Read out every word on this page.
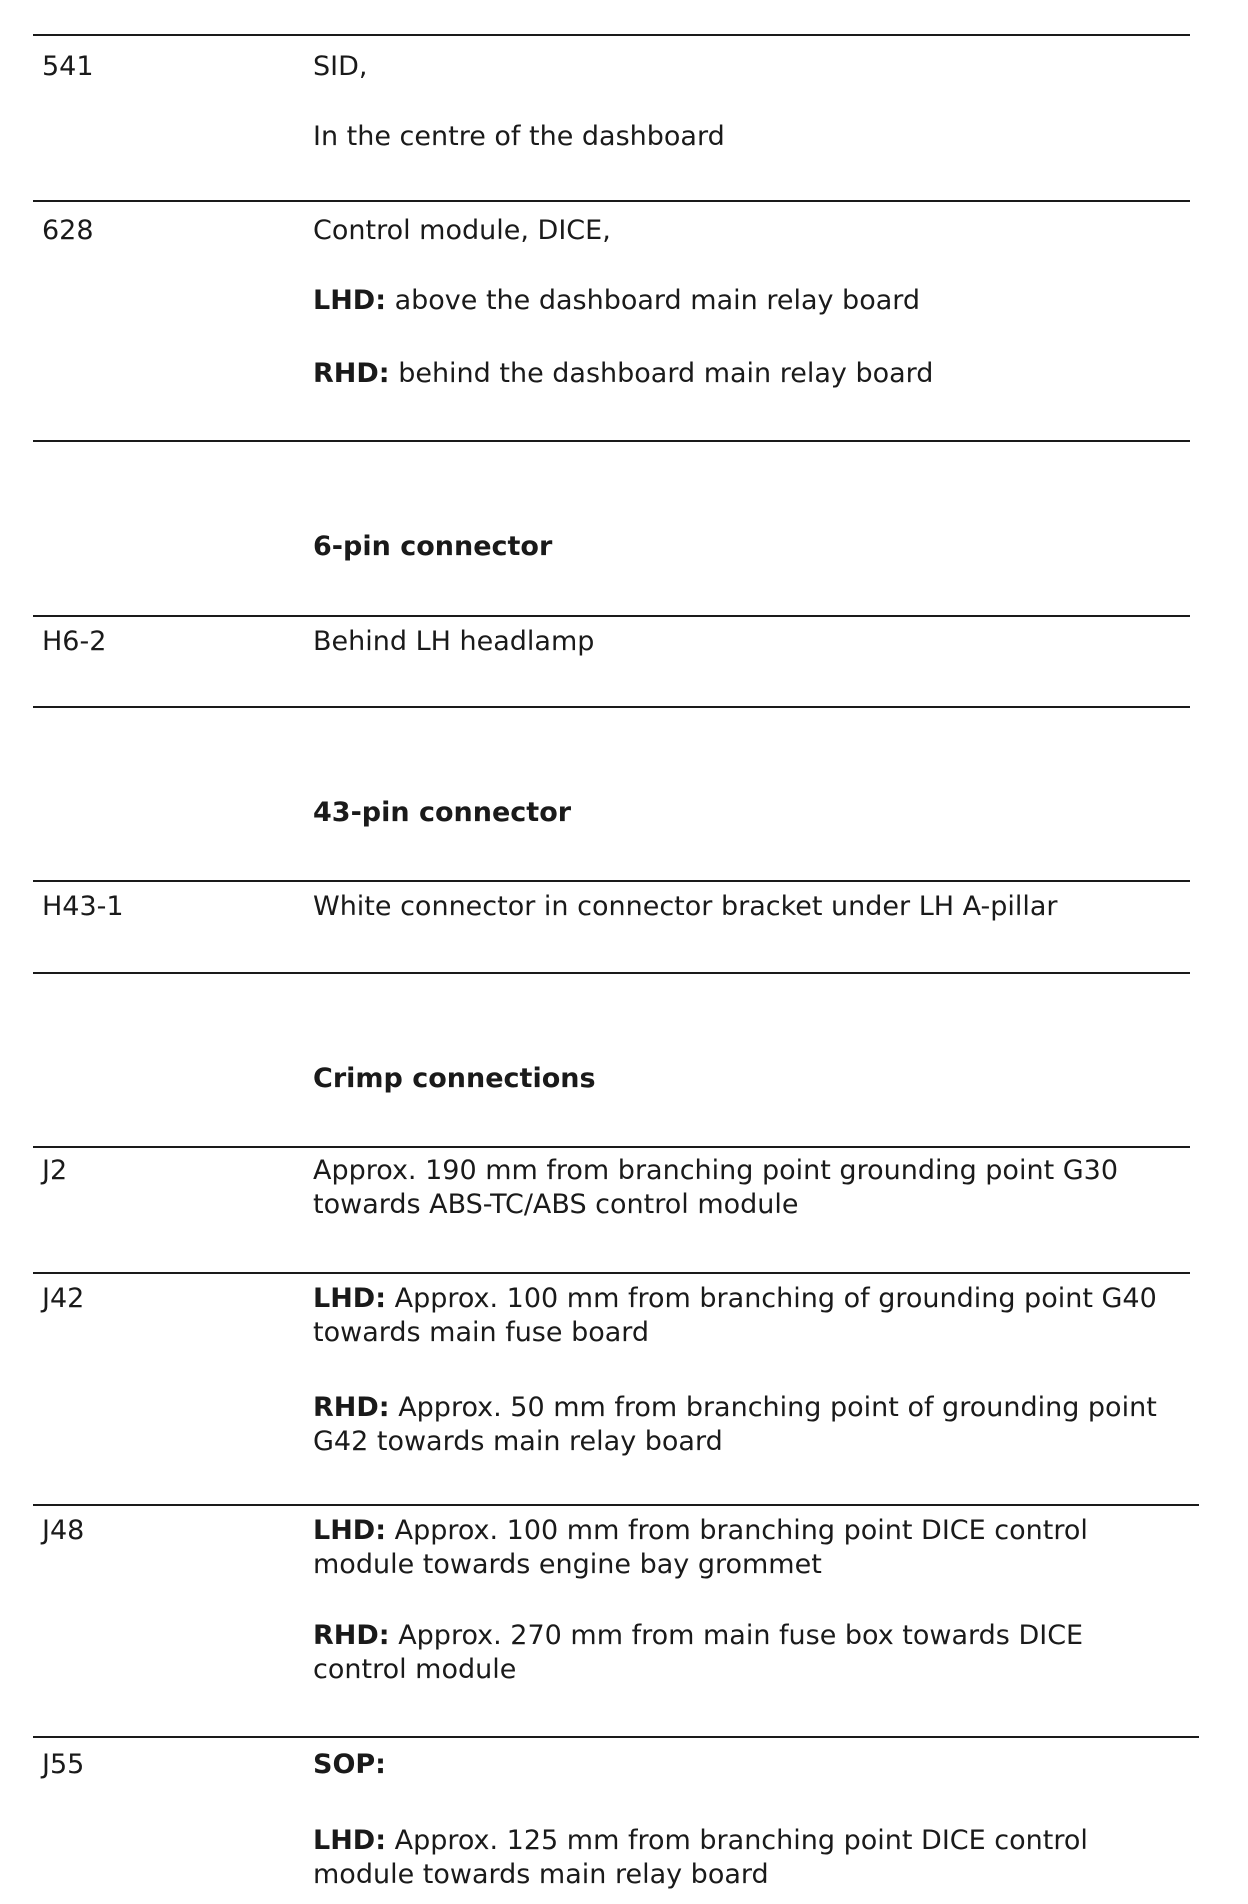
541	SID,
In the centre of the dashboard
628	Control module, DICE,
LHD: above the dashboard main relay board
RHD: behind the dashboard main relay board
6-pin connector
H6-2	Behind LH headlamp
43-pin connector
H43-1	White connector in connector bracket under LH A-pillar
Crimp connections
J2	Approx. 190 mm from branching point grounding point G30 towards ABS-TC/ABS control module
J42	LHD: Approx. 100 mm from branching of grounding point G40 towards main fuse board
RHD: Approx. 50 mm from branching point of grounding point G42 towards main relay board
J48	LHD: Approx. 100 mm from branching point DICE control module towards engine bay grommet
RHD: Approx. 270 mm from main fuse box towards DICE control module
J55	SOP:
LHD: Approx. 125 mm from branching point DICE control module towards main relay board
